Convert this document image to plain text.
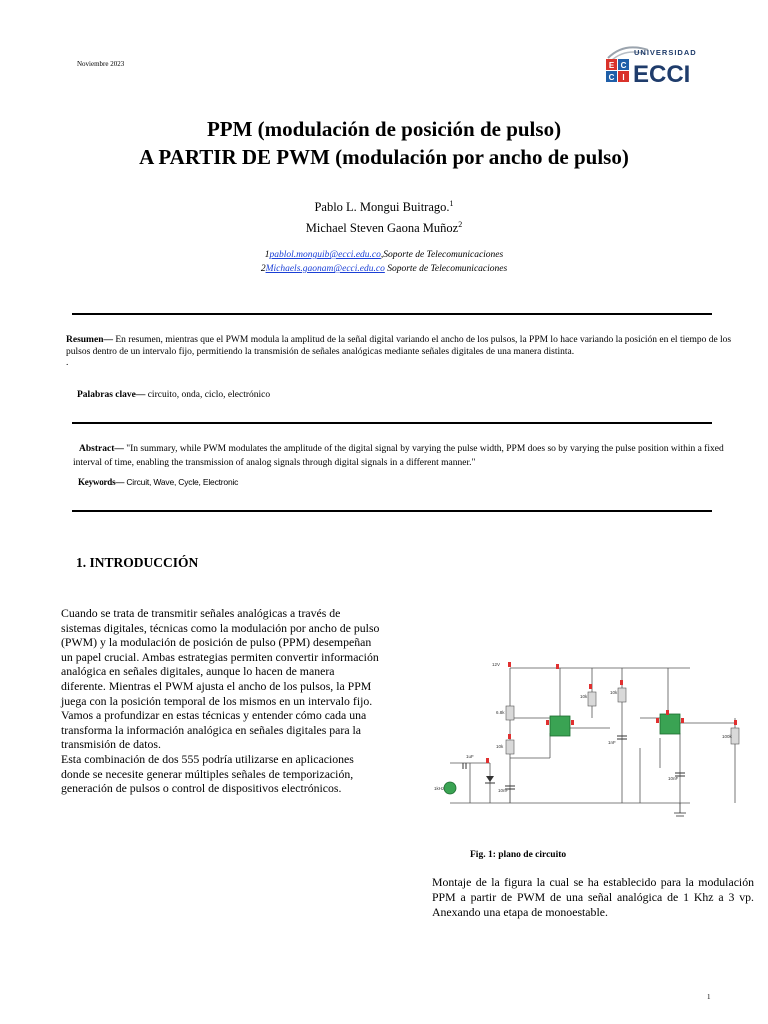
Noviembre 2023	E C
C I
UNIVERSIDAD
ECCI
PPM (modulación de posición de pulso)
A PARTIR DE PWM (modulación por ancho de pulso)
Pablo L. Mongui Buitrago.$^1$
Michael Steven Gaona Muñoz$^2$
1pablol.monguib@ecci.edu.co,Soporte de Telecomunicaciones
2Michaels.gaonam@ecci.edu.co Soporte de Telecomunicaciones
Resumen— En resumen, mientras que el PWM modula la amplitud de la señal digital variando el ancho de los pulsos, la PPM lo hace variando la posición en el tiempo de los pulsos dentro de un intervalo fijo, permitiendo la transmisión de señales analógicas mediante señales digitales de una manera distinta.
.
Palabras clave— circuito, onda, ciclo, electrónico
Abstract— "In summary, while PWM modulates the amplitude of the digital signal by varying the pulse width, PPM does so by varying the pulse position within a fixed interval of time, enabling the transmission of analog signals through digital signals in a different manner."
Keywords— Circuit, Wave, Cycle, Electronic
1. INTRODUCCIÓN
Cuando se trata de transmitir señales analógicas a través de sistemas digitales, técnicas como la modulación por ancho de pulso (PWM) y la modulación de posición de pulso (PPM) desempeñan un papel crucial. Ambas estrategias permiten convertir información analógica en señales digitales, aunque lo hacen de manera diferente. Mientras el PWM ajusta el ancho de los pulsos, la PPM juega con la posición temporal de los mismos en un intervalo fijo. Vamos a profundizar en estas técnicas y entender cómo cada una transforma la información analógica en señales digitales para la transmisión de datos.
Esta combinación de dos 555 podría utilizarse en aplicaciones donde se necesite generar múltiples señales de temporización, generación de pulsos o control de dispositivos electrónicos.
12V
6.8k
10k
10k
10k
100k
1uF
10nF
1nF
10nF
1kHz
Fig. 1: plano de circuito
Montaje de la figura la cual se ha establecido para la modulación PPM a partir de PWM de una señal analógica de 1 Khz a 3 vp. Anexando una etapa de monoestable.
1
